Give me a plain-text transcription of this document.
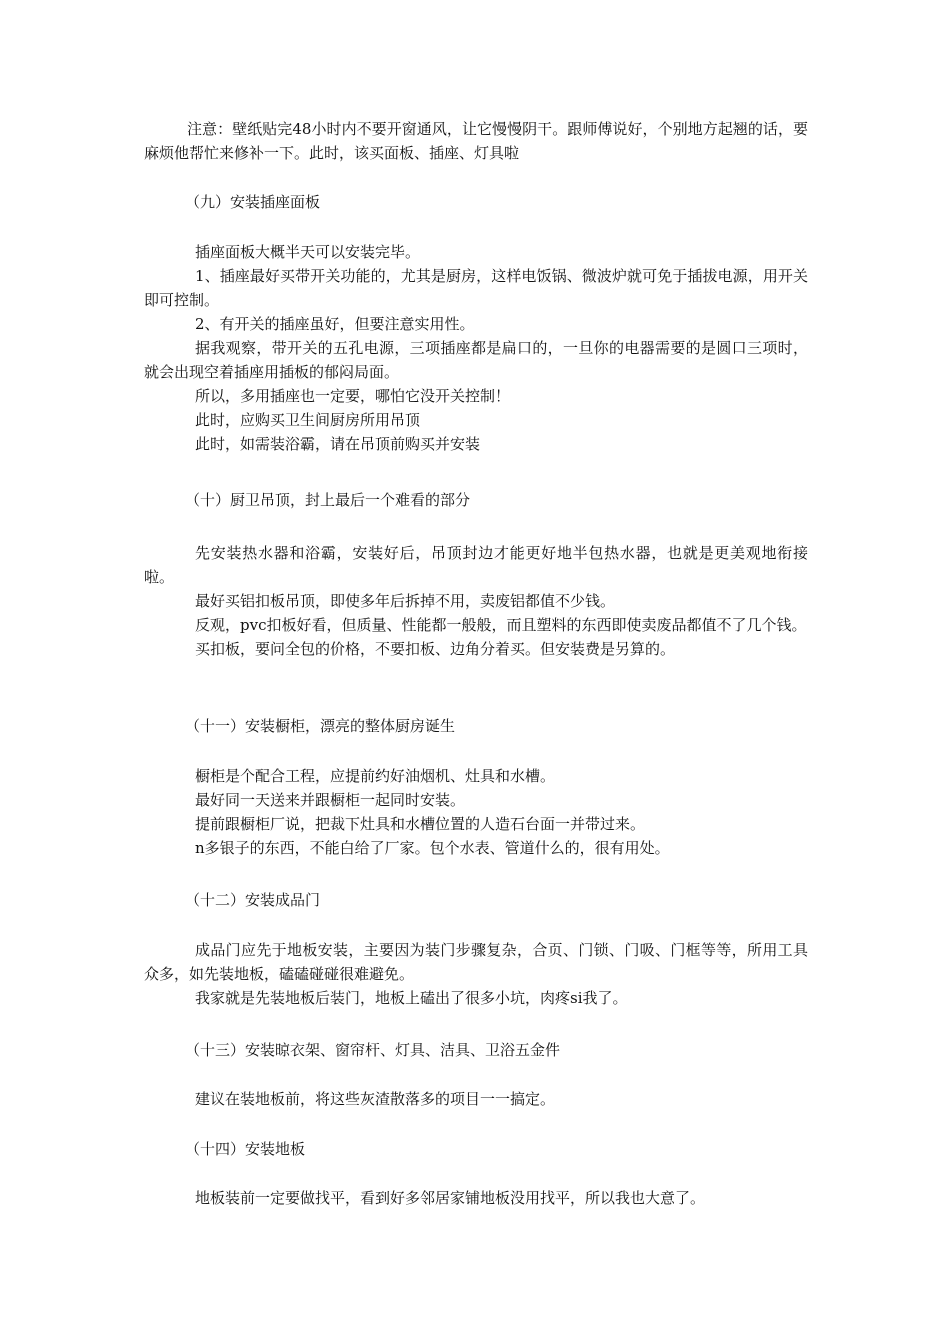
注意：壁纸贴完48小时内不要开窗通风，让它慢慢阴干。跟师傅说好，个别地方起翘的话，要麻烦他帮忙来修补一下。此时，该买面板、插座、灯具啦

（九）安装插座面板

插座面板大概半天可以安装完毕。

1、插座最好买带开关功能的，尤其是厨房，这样电饭锅、微波炉就可免于插拔电源，用开关即可控制。

2、有开关的插座虽好，但要注意实用性。

据我观察，带开关的五孔电源，三项插座都是扁口的，一旦你的电器需要的是圆口三项时，就会出现空着插座用插板的郁闷局面。

所以，多用插座也一定要，哪怕它没开关控制！

此时，应购买卫生间厨房所用吊顶

此时，如需装浴霸，请在吊顶前购买并安装

（十）厨卫吊顶，封上最后一个难看的部分

先安装热水器和浴霸，安装好后，吊顶封边才能更好地半包热水器，也就是更美观地衔接啦。

最好买铝扣板吊顶，即使多年后拆掉不用，卖废铝都值不少钱。

反观，pvc扣板好看，但质量、性能都一般般，而且塑料的东西即使卖废品都值不了几个钱。

买扣板，要问全包的价格，不要扣板、边角分着买。但安装费是另算的。

（十一）安装橱柜，漂亮的整体厨房诞生

橱柜是个配合工程，应提前约好油烟机、灶具和水槽。

最好同一天送来并跟橱柜一起同时安装。

提前跟橱柜厂说，把裁下灶具和水槽位置的人造石台面一并带过来。

n多银子的东西，不能白给了厂家。包个水表、管道什么的，很有用处。

（十二）安装成品门

成品门应先于地板安装，主要因为装门步骤复杂，合页、门锁、门吸、门框等等，所用工具众多，如先装地板，磕磕碰碰很难避免。

我家就是先装地板后装门，地板上磕出了很多小坑，肉疼si我了。

（十三）安装晾衣架、窗帘杆、灯具、洁具、卫浴五金件

建议在装地板前，将这些灰渣散落多的项目一一搞定。

（十四）安装地板

地板装前一定要做找平，看到好多邻居家铺地板没用找平，所以我也大意了。
